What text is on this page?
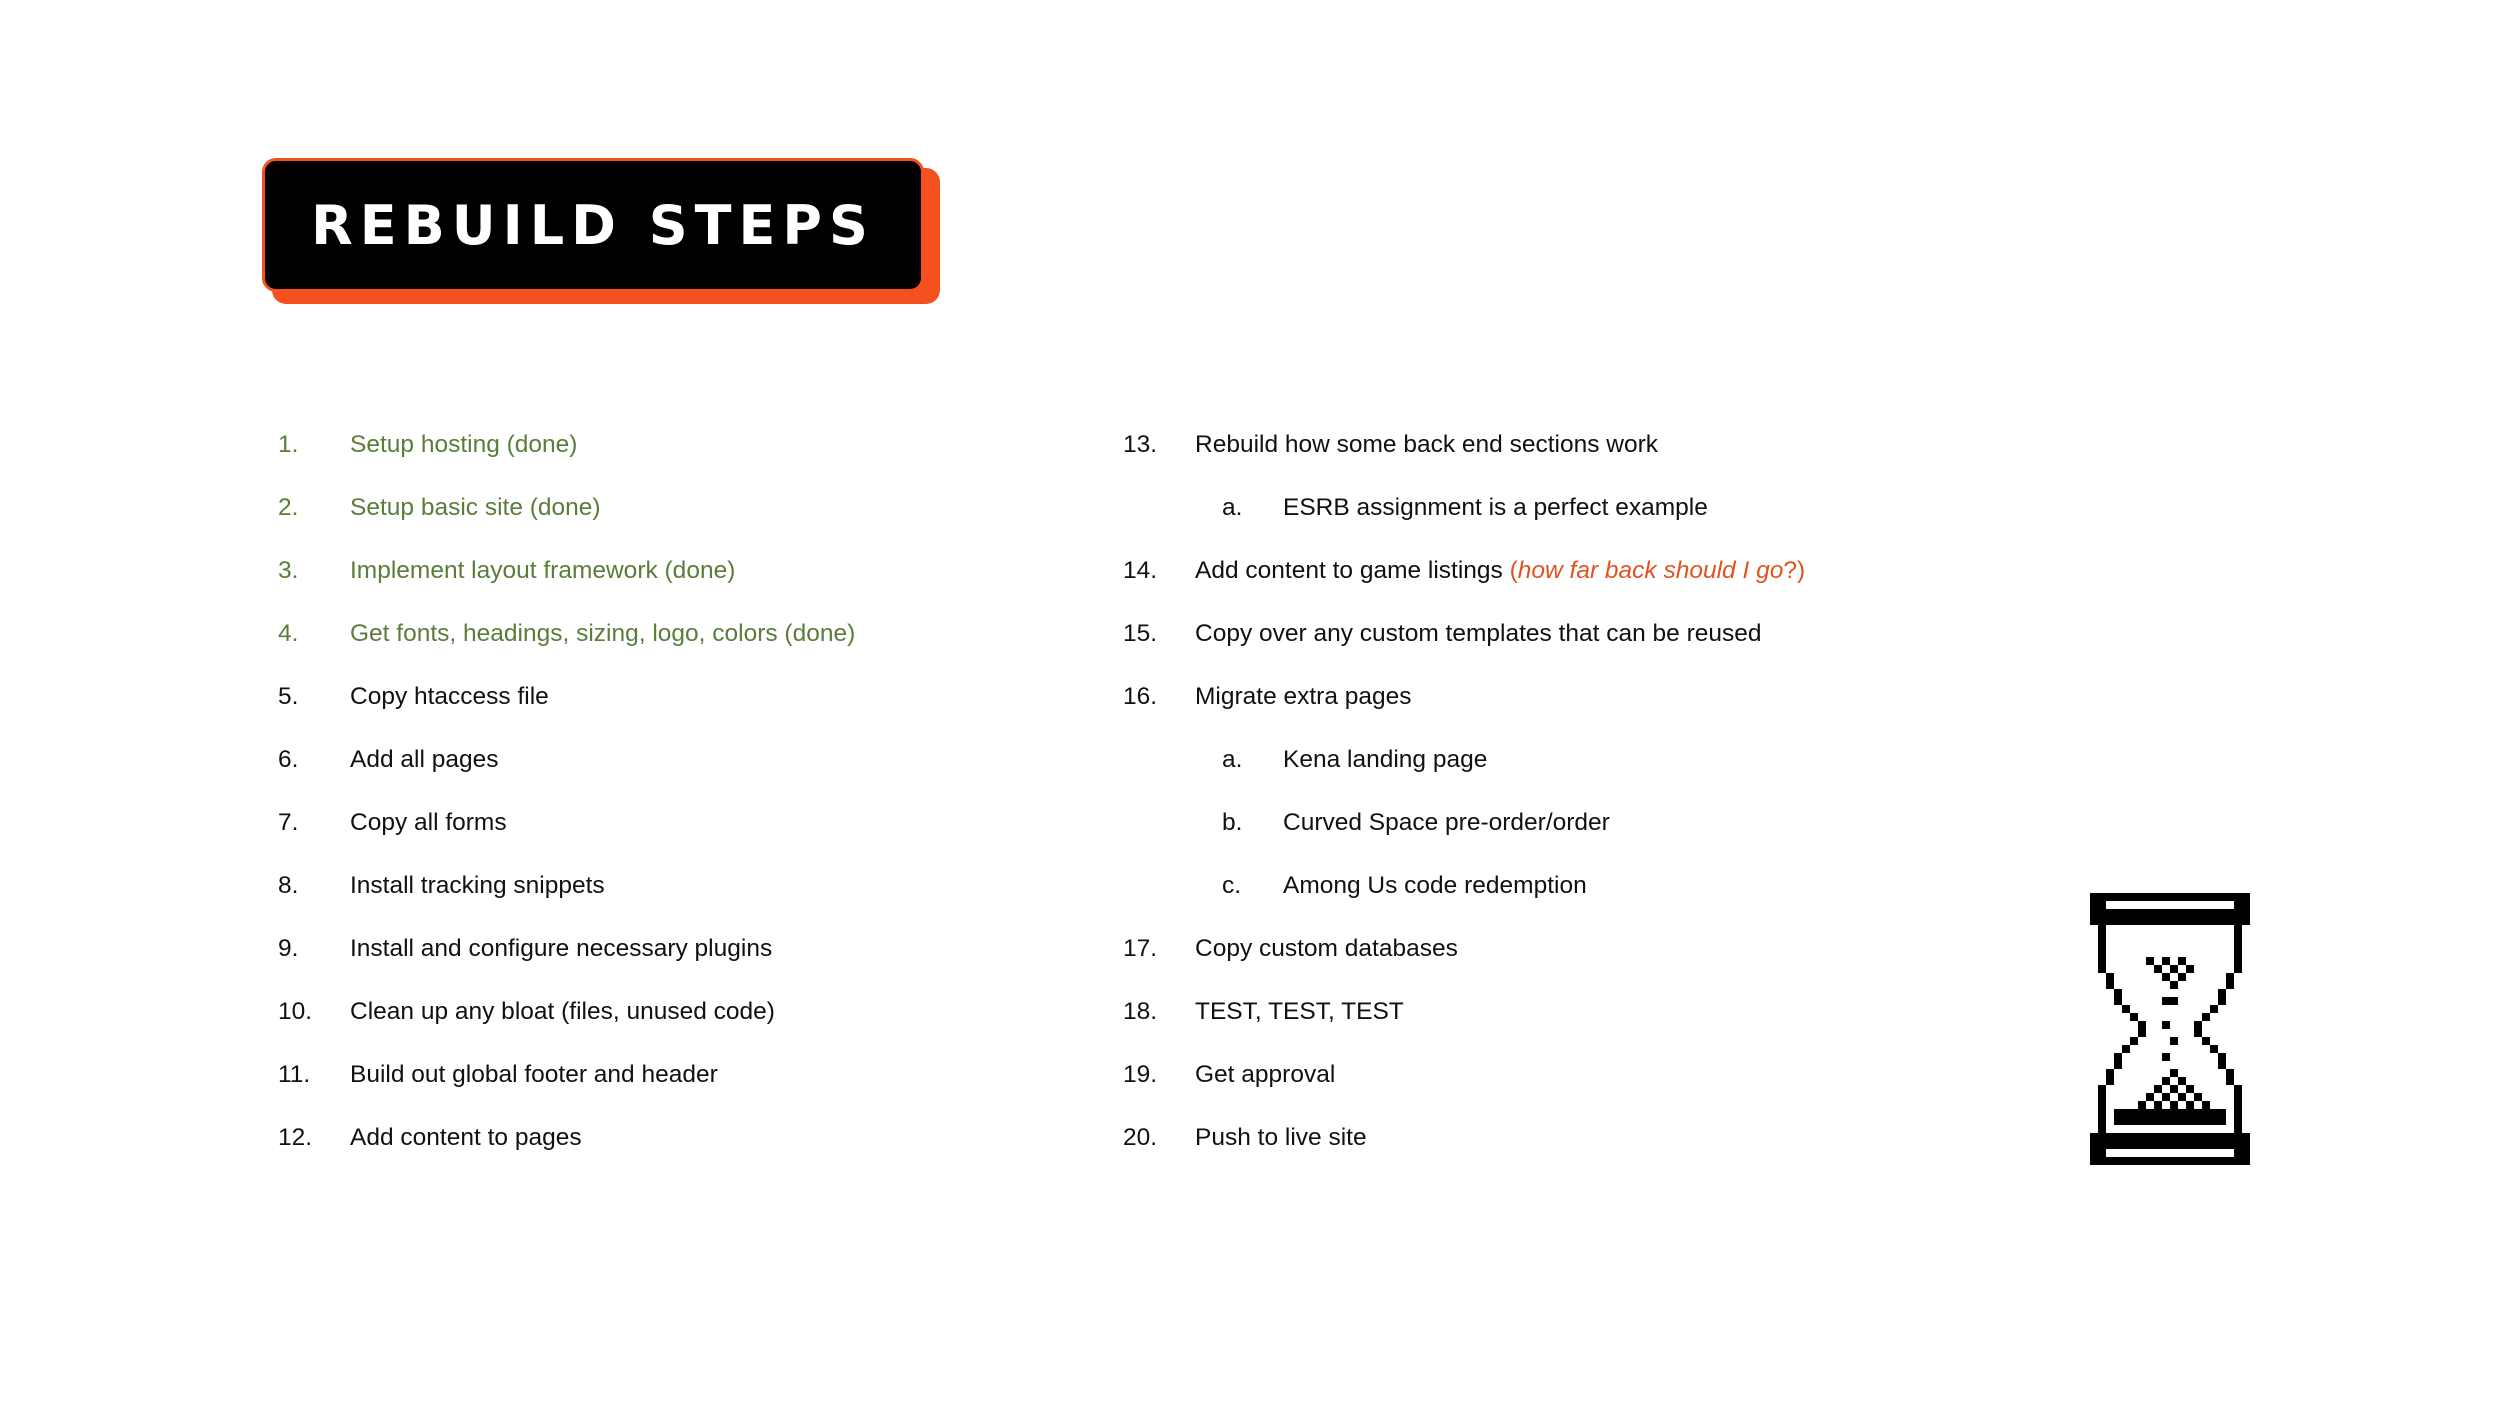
REBUILD STEPS
1. Setup hosting (done)
2. Setup basic site (done)
3. Implement layout framework (done)
4. Get fonts, headings, sizing, logo, colors (done)
5. Copy htaccess file
6. Add all pages
7. Copy all forms
8. Install tracking snippets
9. Install and configure necessary plugins
10. Clean up any bloat (files, unused code)
11. Build out global footer and header
12. Add content to pages
13. Rebuild how some back end sections work
a. ESRB assignment is a perfect example
14. Add content to game listings (how far back should I go?)
15. Copy over any custom templates that can be reused
16. Migrate extra pages
a. Kena landing page
b. Curved Space pre-order/order
c. Among Us code redemption
17. Copy custom databases
18. TEST, TEST, TEST
19. Get approval
20. Push to live site
